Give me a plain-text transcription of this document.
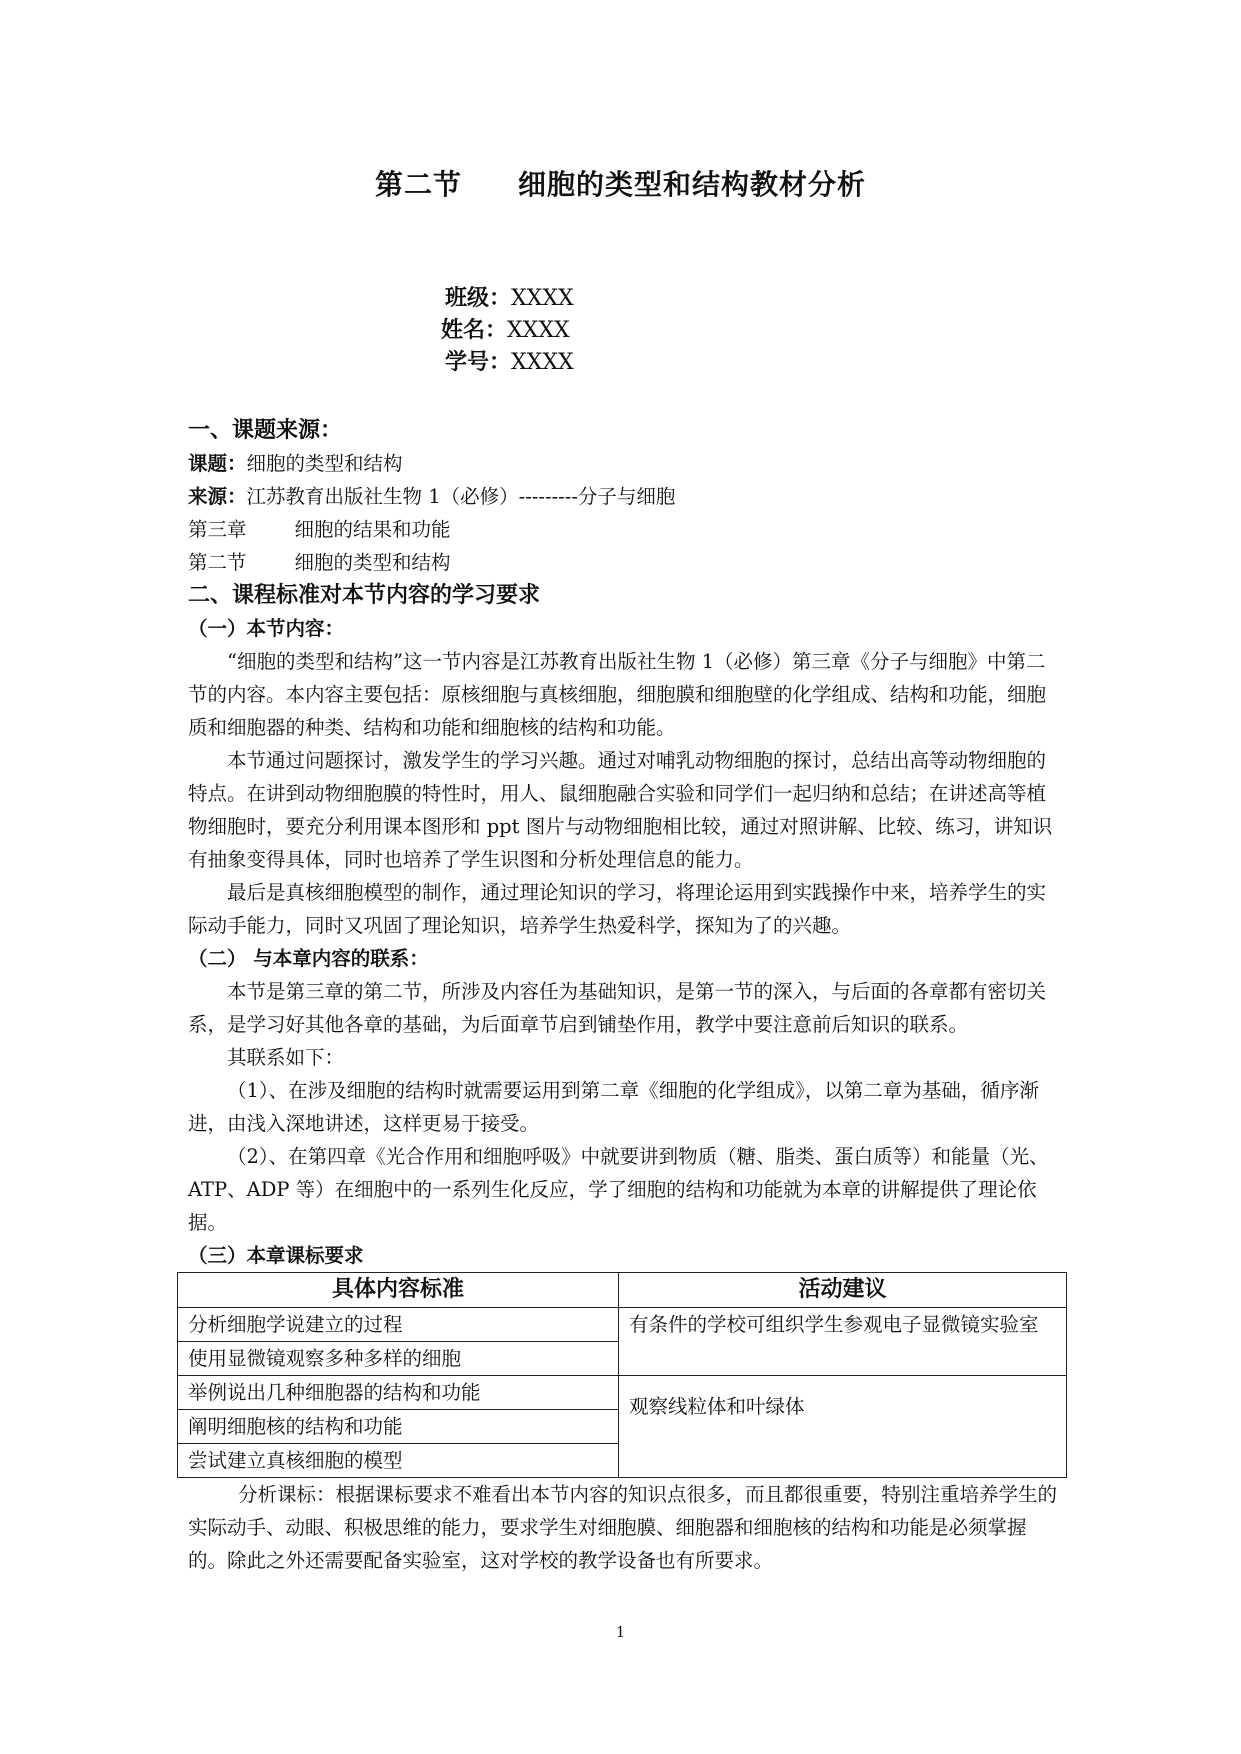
第二节 细胞的类型和结构教材分析
班级：XXXX
姓名：XXXX
学号：XXXX

一、课题来源：

课题：细胞的类型和结构

来源：江苏教育出版社生物 1（必修）---------分子与细胞

第三章 细胞的结果和功能

第二节 细胞的类型和结构

二、课程标准对本节内容的学习要求

（一）本节内容：

“细胞的类型和结构”这一节内容是江苏教育出版社生物 1（必修）第三章《分子与细胞》中第二节的内容。本内容主要包括：原核细胞与真核细胞，细胞膜和细胞壁的化学组成、结构和功能，细胞质和细胞器的种类、结构和功能和细胞核的结构和功能。

本节通过问题探讨，激发学生的学习兴趣。通过对哺乳动物细胞的探讨，总结出高等动物细胞的特点。在讲到动物细胞膜的特性时，用人、鼠细胞融合实验和同学们一起归纳和总结；在讲述高等植物细胞时，要充分利用课本图形和 ppt 图片与动物细胞相比较，通过对照讲解、比较、练习，讲知识有抽象变得具体，同时也培养了学生识图和分析处理信息的能力。

最后是真核细胞模型的制作，通过理论知识的学习，将理论运用到实践操作中来，培养学生的实际动手能力，同时又巩固了理论知识，培养学生热爱科学，探知为了的兴趣。

（二） 与本章内容的联系：

本节是第三章的第二节，所涉及内容任为基础知识，是第一节的深入，与后面的各章都有密切关系，是学习好其他各章的基础，为后面章节启到铺垫作用，教学中要注意前后知识的联系。

其联系如下：

（1）、在涉及细胞的结构时就需要运用到第二章《细胞的化学组成》，以第二章为基础，循序渐进，由浅入深地讲述，这样更易于接受。

（2）、在第四章《光合作用和细胞呼吸》中就要讲到物质（糖、脂类、蛋白质等）和能量（光、ATP、ADP 等）在细胞中的一系列生化反应，学了细胞的结构和功能就为本章的讲解提供了理论依据。

（三）本章课标要求

具体内容标准	活动建议
分析细胞学说建立的过程	有条件的学校可组织学生参观电子显微镜实验室
使用显微镜观察多种多样的细胞	
举例说出几种细胞器的结构和功能	观察线粒体和叶绿体
阐明细胞核的结构和功能	
尝试建立真核细胞的模型	

分析课标：根据课标要求不难看出本节内容的知识点很多，而且都很重要，特别注重培养学生的实际动手、动眼、积极思维的能力，要求学生对细胞膜、细胞器和细胞核的结构和功能是必须掌握的。除此之外还需要配备实验室，这对学校的教学设备也有所要求。

1
